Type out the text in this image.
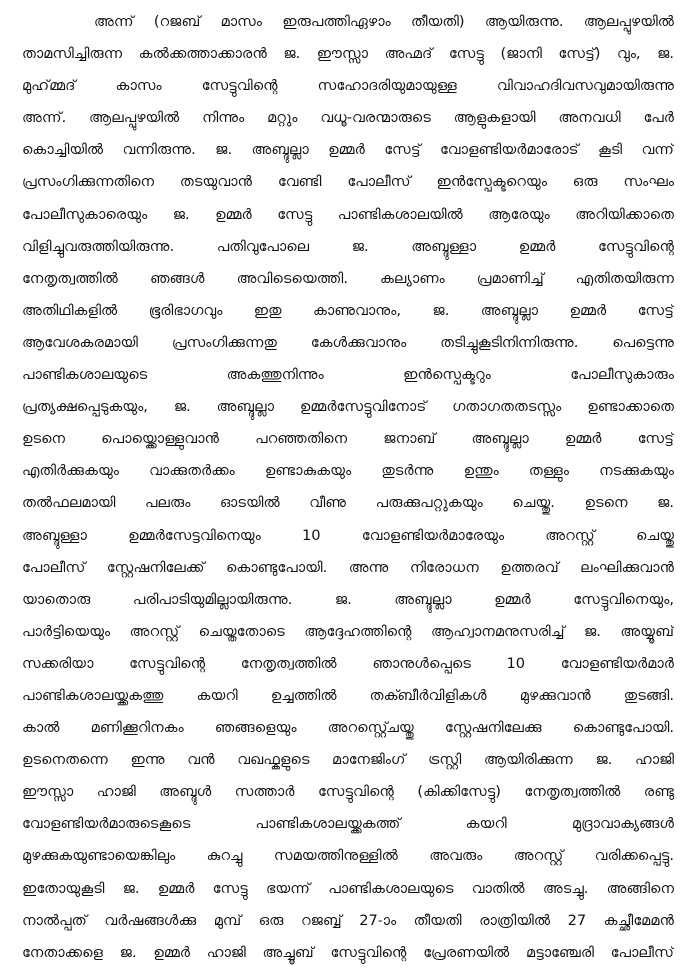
അന്ന് (റജബ് മാസം ഇരുപത്തിഏഴാം തീയതി) ആയിരുന്നു. ആലപ്പുഴയിൽ
താമസിച്ചിരുന്ന കൽക്കത്താക്കാരൻ ജ. ഈസ്സാ അഹ്മദ് സേട്ടു (ജാനി സേട്ട്) വും, ജ.
മുഹ്മ്മദ് കാസം സേട്ടുവിന്റെ സഹോദരിയുമായുള്ള വിവാഹദിവസവുമായിരുന്നു
അന്ന്. ആലപ്പുഴയിൽ നിന്നും മറ്റും വധൂ-വരന്മാരുടെ ആളുകളായി അനവധി പേർ
കൊച്ചിയിൽ വന്നിരുന്നു. ജ. അബ്ദുല്ലാ ഉമ്മർ സേട്ട് വോളണ്ടിയർമാരോട് കൂടി വന്ന്
പ്രസംഗിക്കുന്നതിനെ തടയുവാൻ വേണ്ടി പോലീസ് ഇൻസ്പേക്ടറെയും ഒരു സംഘം
പോലീസുകാരെയും ജ. ഉമ്മർ സേട്ടു പാണ്ടികശാലയിൽ ആരേയും അറിയിക്കാതെ
വിളിച്ചുവരുത്തിയിരുന്നു. പതിവുപോലെ ജ. അബ്ദുള്ളാ ഉമ്മർ സേട്ടുവിന്റെ
നേതൃത്വത്തിൽ ഞങ്ങൾ അവിടെയെത്തി. കല്യാണം പ്രമാണിച്ച് എതിതയിരുന്ന
അതിഥികളിൽ ഭൂരിഭാഗവും ഇതു കാണുവാനും, ജ. അബ്ദുല്ലാ ഉമ്മർ സേട്ട്
ആവേശകരമായി പ്രസംഗിക്കുന്നതു കേൾക്കുവാനും തടിച്ചുകൂടിനിന്നിരുന്നു. പെട്ടെന്നു
പാണ്ടികശാലയുടെ അകത്തുനിന്നും ഇൻസ്പെക്ടറും പോലീസുകാരും
പ്രത്യക്ഷപ്പെടുകയും, ജ. അബ്ദുല്ലാ ഉമ്മർസേട്ടുവിനോട് ഗതാഗതതടസ്സം ഉണ്ടാക്കാതെ
ഉടനെ പൊയ്ക്കൊള്ളുവാൻ പറഞ്ഞതിനെ ജനാബ് അബ്ദുല്ലാ ഉമ്മർ സേട്ട്
എതിർക്കുകയും വാക്കുതർക്കം ഉണ്ടാകുകയും തുടർന്നു ഉന്തും തള്ളും നടക്കുകയും
തൽഫലമായി പലരും ഓടയിൽ വീണു പരുക്കുപറ്റുകയും ചെയ്തു. ഉടനെ ജ.
അബ്ദുള്ളാ ഉമ്മർസേട്ടവിനെയും 10 വോളണ്ടിയർമാരേയും അറസ്റ്റ് ചെയ്തു
പോലീസ് സ്റ്റേഷനിലേക്ക് കൊണ്ടുപോയി. അന്നു നിരോധന ഉത്തരവ് ലംഘിക്കുവാൻ
യാതൊരു പരിപാടിയുമില്ലായിരുന്നു. ജ. അബ്ദുല്ലാ ഉമ്മർ സേട്ടുവിനെയും,
പാർട്ടിയെയും അറസ്റ്റ് ചെയ്തതോടെ ആദ്ദേഹത്തിന്റെ ആഹ്വാനമനുസരിച്ച് ജ. അയ്യൂബ്
സക്കരിയാ സേട്ടുവിന്റെ നേതൃത്വത്തിൽ ഞാനുൾപ്പെടെ 10 വോളണ്ടിയർമാർ
പാണ്ടികശാലയ്ക്കകത്തു കയറി ഉച്ചത്തിൽ തക്ബീർവിളികൾ മുഴക്കുവാൻ തുടങ്ങി.
കാൽ മണിക്കൂറിനകം ഞങ്ങളെയും അറസ്റ്റ്ചെയ്തു സ്റ്റേഷനിലേക്കു കൊണ്ടുപോയി.
ഉടനെതന്നെ ഇന്നു വൻ വഖഫ്കളുടെ മാനേജിംഗ് ട്രസ്റ്റി ആയിരിക്കുന്ന ജ. ഹാജി
ഈസ്സാ ഹാജി അബ്ദുൾ സത്താർ സേട്ടുവിന്റെ (കിക്കിസേട്ടു) നേതൃത്വത്തിൽ രണ്ടു
വോളണ്ടിയർമാരുടെകൂടെ പാണ്ടികശാലയ്ക്കകത്ത് കയറി മുദ്രാവാക്യങ്ങൾ
മുഴക്കുകയുണ്ടായെങ്കിലും കുറച്ചു സമയത്തിനുള്ളിൽ അവരും അറസ്റ്റ് വരിക്കപ്പെട്ടു.
ഇതോയുകൂടി ജ. ഉമ്മർ സേട്ടു ഭയന്ന് പാണ്ടികശാലയുടെ വാതിൽ അടച്ചു. അങ്ങിനെ
നാൽപ്പത് വർഷങ്ങൾക്കു മുമ്പ് ഒരു റജബ്ബ് 27-ാം തീയതി രാത്രിയിൽ 27 കച്ഛീമേമൻ
നേതാക്കളെ ജ. ഉമ്മർ ഹാജി അച്ചൂബ് സേട്ടുവിന്റെ പ്രേരണയിൽ മട്ടാഞ്ചേരി പോലീസ്
